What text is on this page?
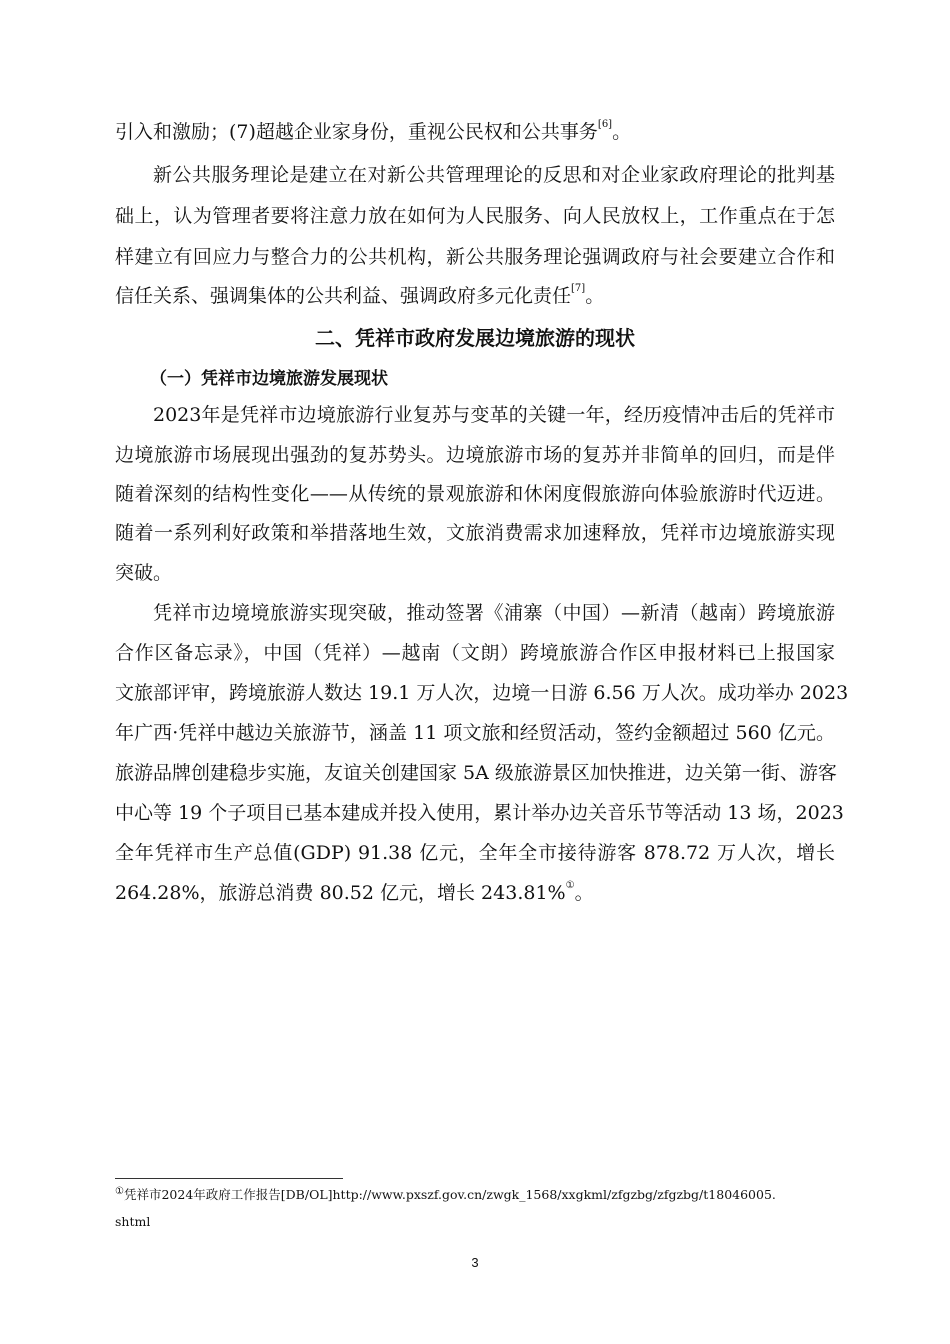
引入和激励；(7)超越企业家身份，重视公民权和公共事务[6]。
新公共服务理论是建立在对新公共管理理论的反思和对企业家政府理论的批判基
础上，认为管理者要将注意力放在如何为人民服务、向人民放权上，工作重点在于怎
样建立有回应力与整合力的公共机构，新公共服务理论强调政府与社会要建立合作和
信任关系、强调集体的公共利益、强调政府多元化责任[7]。
二、凭祥市政府发展边境旅游的现状
（一）凭祥市边境旅游发展现状
2023年是凭祥市边境旅游行业复苏与变革的关键一年，经历疫情冲击后的凭祥市
边境旅游市场展现出强劲的复苏势头。边境旅游市场的复苏并非简单的回归，而是伴
随着深刻的结构性变化——从传统的景观旅游和休闲度假旅游向体验旅游时代迈进。
随着一系列利好政策和举措落地生效，文旅消费需求加速释放，凭祥市边境旅游实现
突破。
凭祥市边境境旅游实现突破，推动签署《浦寨（中国）—新清（越南）跨境旅游
合作区备忘录》，中国（凭祥）—越南（文朗）跨境旅游合作区申报材料已上报国家
文旅部评审，跨境旅游人数达 19.1 万人次，边境一日游 6.56 万人次。成功举办 2023
年广西·凭祥中越边关旅游节，涵盖 11 项文旅和经贸活动，签约金额超过 560 亿元。
旅游品牌创建稳步实施，友谊关创建国家 5A 级旅游景区加快推进，边关第一街、游客
中心等 19 个子项目已基本建成并投入使用，累计举办边关音乐节等活动 13 场，2023
全年凭祥市生产总值(GDP) 91.38 亿元，全年全市接待游客 878.72 万人次，增长
264.28%，旅游总消费 80.52 亿元，增长 243.81%①。
①凭祥市2024年政府工作报告[DB/OL]http://www.pxszf.gov.cn/zwgk_1568/xxgkml/zfgzbg/zfgzbg/t18046005.
shtml
3
